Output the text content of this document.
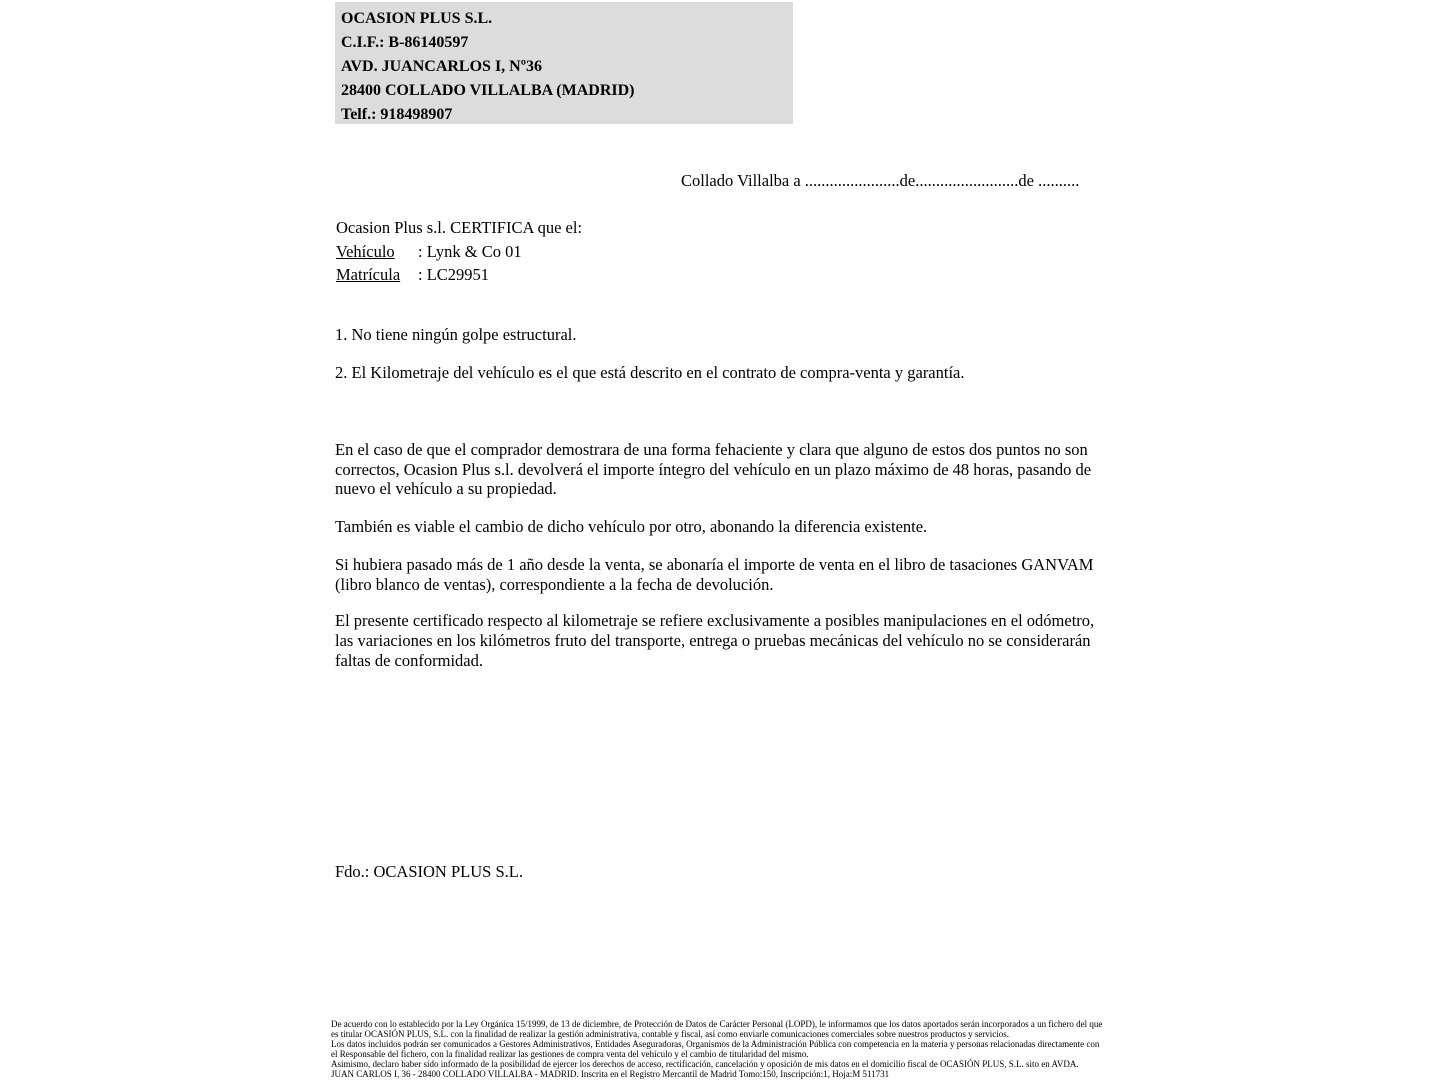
OCASION PLUS S.L.
C.I.F.: B-86140597
AVD. JUANCARLOS I, Nº36
28400 COLLADO VILLALBA (MADRID)
Telf.: 918498907
Collado Villalba a .......................de.........................de ..........
Ocasion Plus s.l. CERTIFICA que el:
Vehículo	: Lynk & Co 01
Matrícula	: LC29951

1. No tiene ningún golpe estructural.

2. El Kilometraje del vehículo es el que está descrito en el contrato de compra-venta y garantía.

En el caso de que el comprador demostrara de una forma fehaciente y clara que alguno de estos dos puntos no son correctos, Ocasion Plus s.l. devolverá el importe íntegro del vehículo en un plazo máximo de 48 horas, pasando de nuevo el vehículo a su propiedad.

También es viable el cambio de dicho vehículo por otro, abonando la diferencia existente.

Si hubiera pasado más de 1 año desde la venta, se abonaría el importe de venta en el libro de tasaciones GANVAM (libro blanco de ventas), correspondiente a la fecha de devolución.

El presente certificado respecto al kilometraje se refiere exclusivamente a posibles manipulaciones en el odómetro, las variaciones en los kilómetros fruto del transporte, entrega o pruebas mecánicas del vehículo no se considerarán faltas de conformidad.

Fdo.: OCASION PLUS S.L.

De acuerdo con lo establecido por la Ley Orgánica 15/1999, de 13 de diciembre, de Protección de Datos de Carácter Personal (LOPD), le informamos que los datos aportados serán incorporados a un fichero del que es titular OCASIÓN PLUS, S.L. con la finalidad de realizar la gestión administrativa, contable y fiscal, así como enviarle comunicaciones comerciales sobre nuestros productos y servicios.

Los datos incluidos podrán ser comunicados a Gestores Administrativos, Entidades Aseguradoras, Organismos de la Administración Pública con competencia en la materia y personas relacionadas directamente con el Responsable del fichero, con la finalidad realizar las gestiones de compra venta del vehículo y el cambio de titularidad del mismo.

Asimismo, declaro haber sido informado de la posibilidad de ejercer los derechos de acceso, rectificación, cancelación y oposición de mis datos en el domicilio fiscal de OCASIÓN PLUS, S.L. sito en AVDA. JUAN CARLOS I, 36 - 28400 COLLADO VILLALBA - MADRID. Inscrita en el Registro Mercantil de Madrid Tomo:150, Inscripción:1, Hoja:M 511731
